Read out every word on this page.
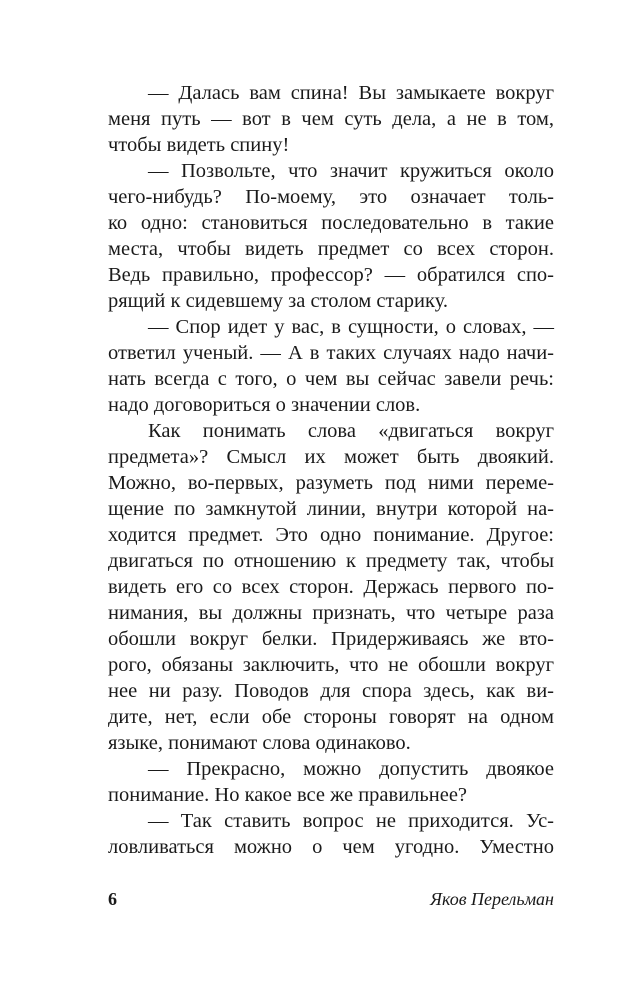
— Далась вам спина! Вы замыкаете вокруг
меня путь — вот в чем суть дела, а не в том,
чтобы видеть спину!
— Позвольте, что значит кружиться около
чего-нибудь? По-моему, это означает толь-
ко одно: становиться последовательно в такие
места, чтобы видеть предмет со всех сторон.
Ведь правильно, профессор? — обратился спо-
рящий к сидевшему за столом старику.
— Спор идет у вас, в сущности, о словах, —
ответил ученый. — А в таких случаях надо начи-
нать всегда с того, о чем вы сейчас завели речь:
надо договориться о значении слов.
Как понимать слова «двигаться вокруг
предмета»? Смысл их может быть двоякий.
Можно, во-первых, разуметь под ними переме-
щение по замкнутой линии, внутри которой на-
ходится предмет. Это одно понимание. Другое:
двигаться по отношению к предмету так, чтобы
видеть его со всех сторон. Держась первого по-
нимания, вы должны признать, что четыре раза
обошли вокруг белки. Придерживаясь же вто-
рого, обязаны заключить, что не обошли вокруг
нее ни разу. Поводов для спора здесь, как ви-
дите, нет, если обе стороны говорят на одном
языке, понимают слова одинаково.
— Прекрасно, можно допустить двоякое
понимание. Но какое все же правильнее?
— Так ставить вопрос не приходится. Ус-
ловливаться можно о чем угодно. Уместно
6	Яков Перельман
